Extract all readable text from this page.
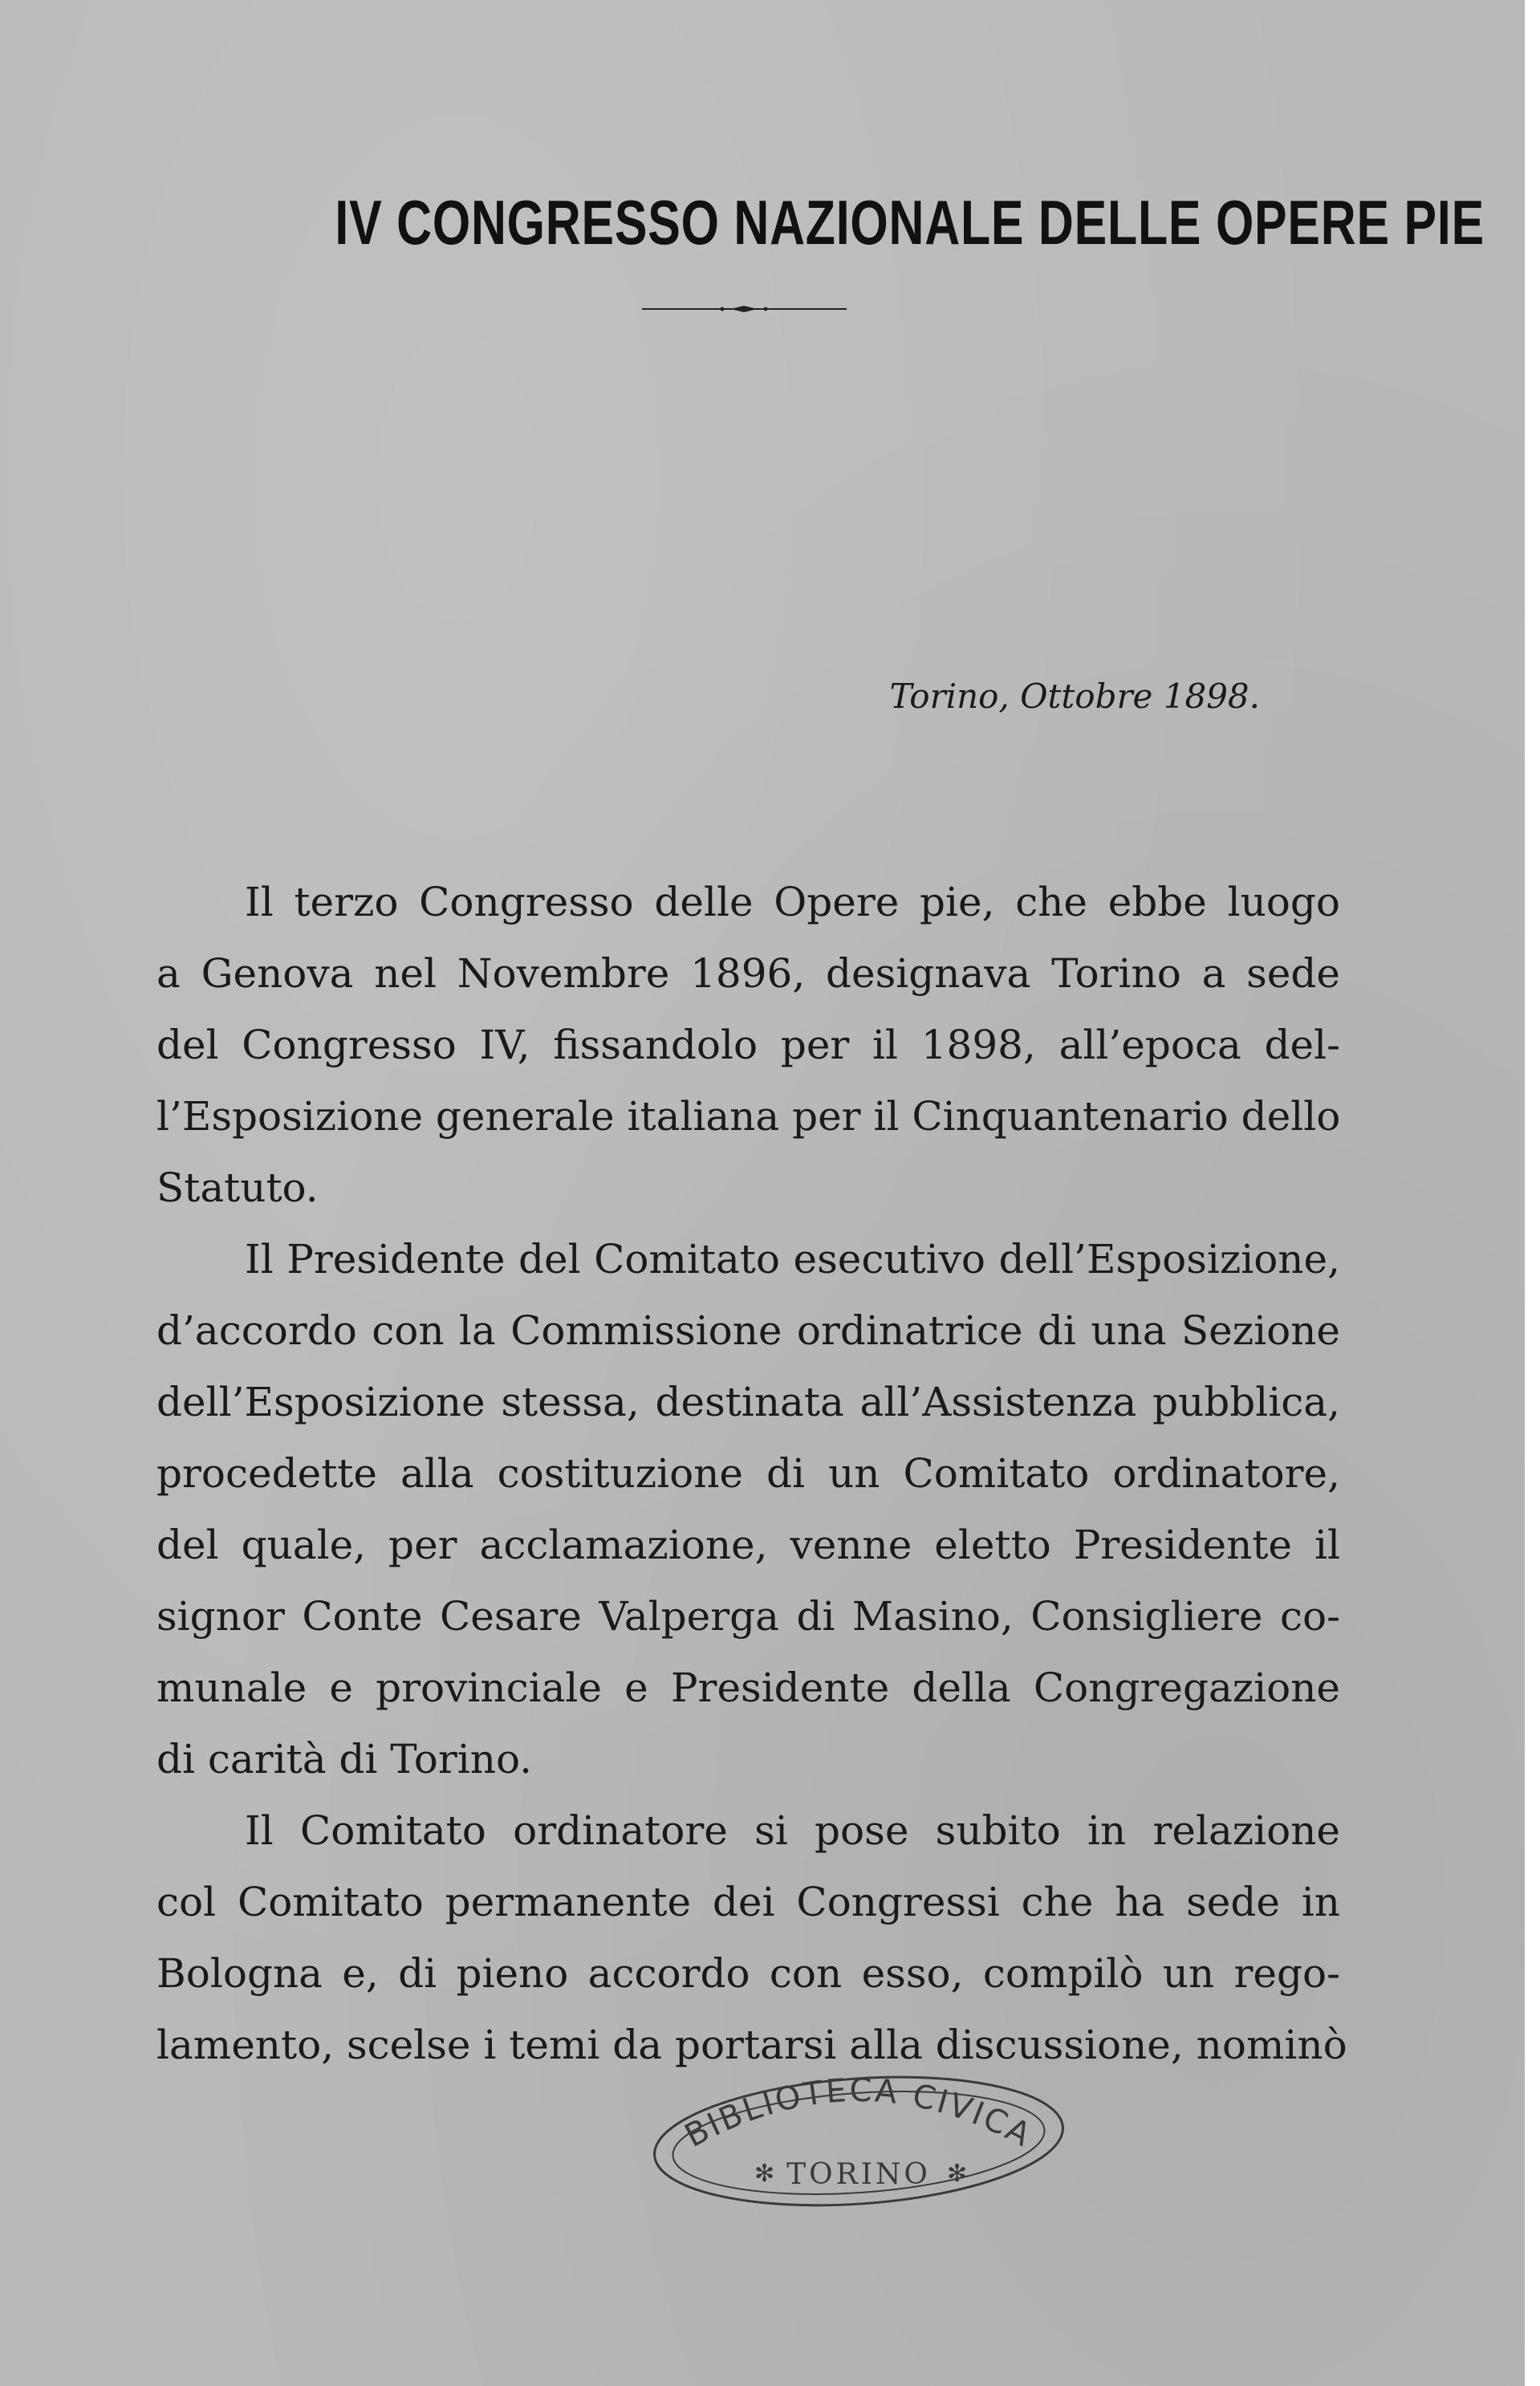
IV CONGRESSO NAZIONALE DELLE OPERE PIE
Torino, Ottobre 1898.
Il terzo Congresso delle Opere pie, che ebbe luogo
a Genova nel Novembre 1896, designava Torino a sede
del Congresso IV, fissandolo per il 1898, all’epoca del-
l’Esposizione generale italiana per il Cinquantenario dello
Statuto.
Il Presidente del Comitato esecutivo dell’Esposizione,
d’accordo con la Commissione ordinatrice di una Sezione
dell’Esposizione stessa, destinata all’Assistenza pubblica,
procedette alla costituzione di un Comitato ordinatore,
del quale, per acclamazione, venne eletto Presidente il
signor Conte Cesare Valperga di Masino, Consigliere co-
munale e provinciale e Presidente della Congregazione
di carità di Torino.
Il Comitato ordinatore si pose subito in relazione
col Comitato permanente dei Congressi che ha sede in
Bologna e, di pieno accordo con esso, compilò un rego-
lamento, scelse i temi da portarsi alla discussione, nominò
BIBLIOTECA CIVICA
✻ TORINO ✻
